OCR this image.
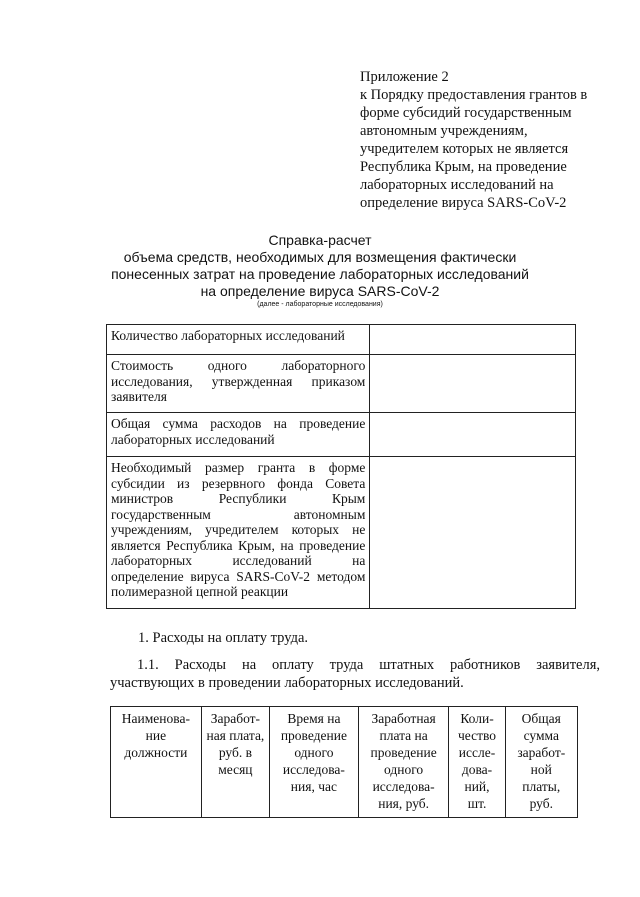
Приложение 2
к Порядку предоставления грантов в
форме субсидий государственным
автономным учреждениям,
учредителем которых не является
Республика Крым, на проведение
лабораторных исследований на
определение вируса SARS-CoV-2
Справка-расчет
объема средств, необходимых для возмещения фактически
понесенных затрат на проведение лабораторных исследований
на определение вируса SARS-CoV-2
(далее - лабораторные исследования)
Количество лабораторных исследований	
Стоимость одного лабораторного исследования, утвержденная приказом заявителя	
Общая сумма расходов на проведение лабораторных исследований	
Необходимый размер гранта в форме субсидии из резервного фонда Совета министров Республики Крым государственным автономным учреждениям, учредителем которых не является Республика Крым, на проведение лабораторных исследований на определение вируса SARS-CoV-2 методом полимеразной цепной реакции	
1. Расходы на оплату труда.
1.1. Расходы на оплату труда штатных работников заявителя,
участвующих в проведении лабораторных исследований.
Наименова-
ние
должности	Заработ-
ная плата,
руб. в
месяц	Время на
проведение
одного
исследова-
ния, час	Заработная
плата на
проведение
одного
исследова-
ния, руб.	Коли-
чество
иссле-
дова-
ний,
шт.	Общая
сумма
заработ-
ной
платы,
руб.
